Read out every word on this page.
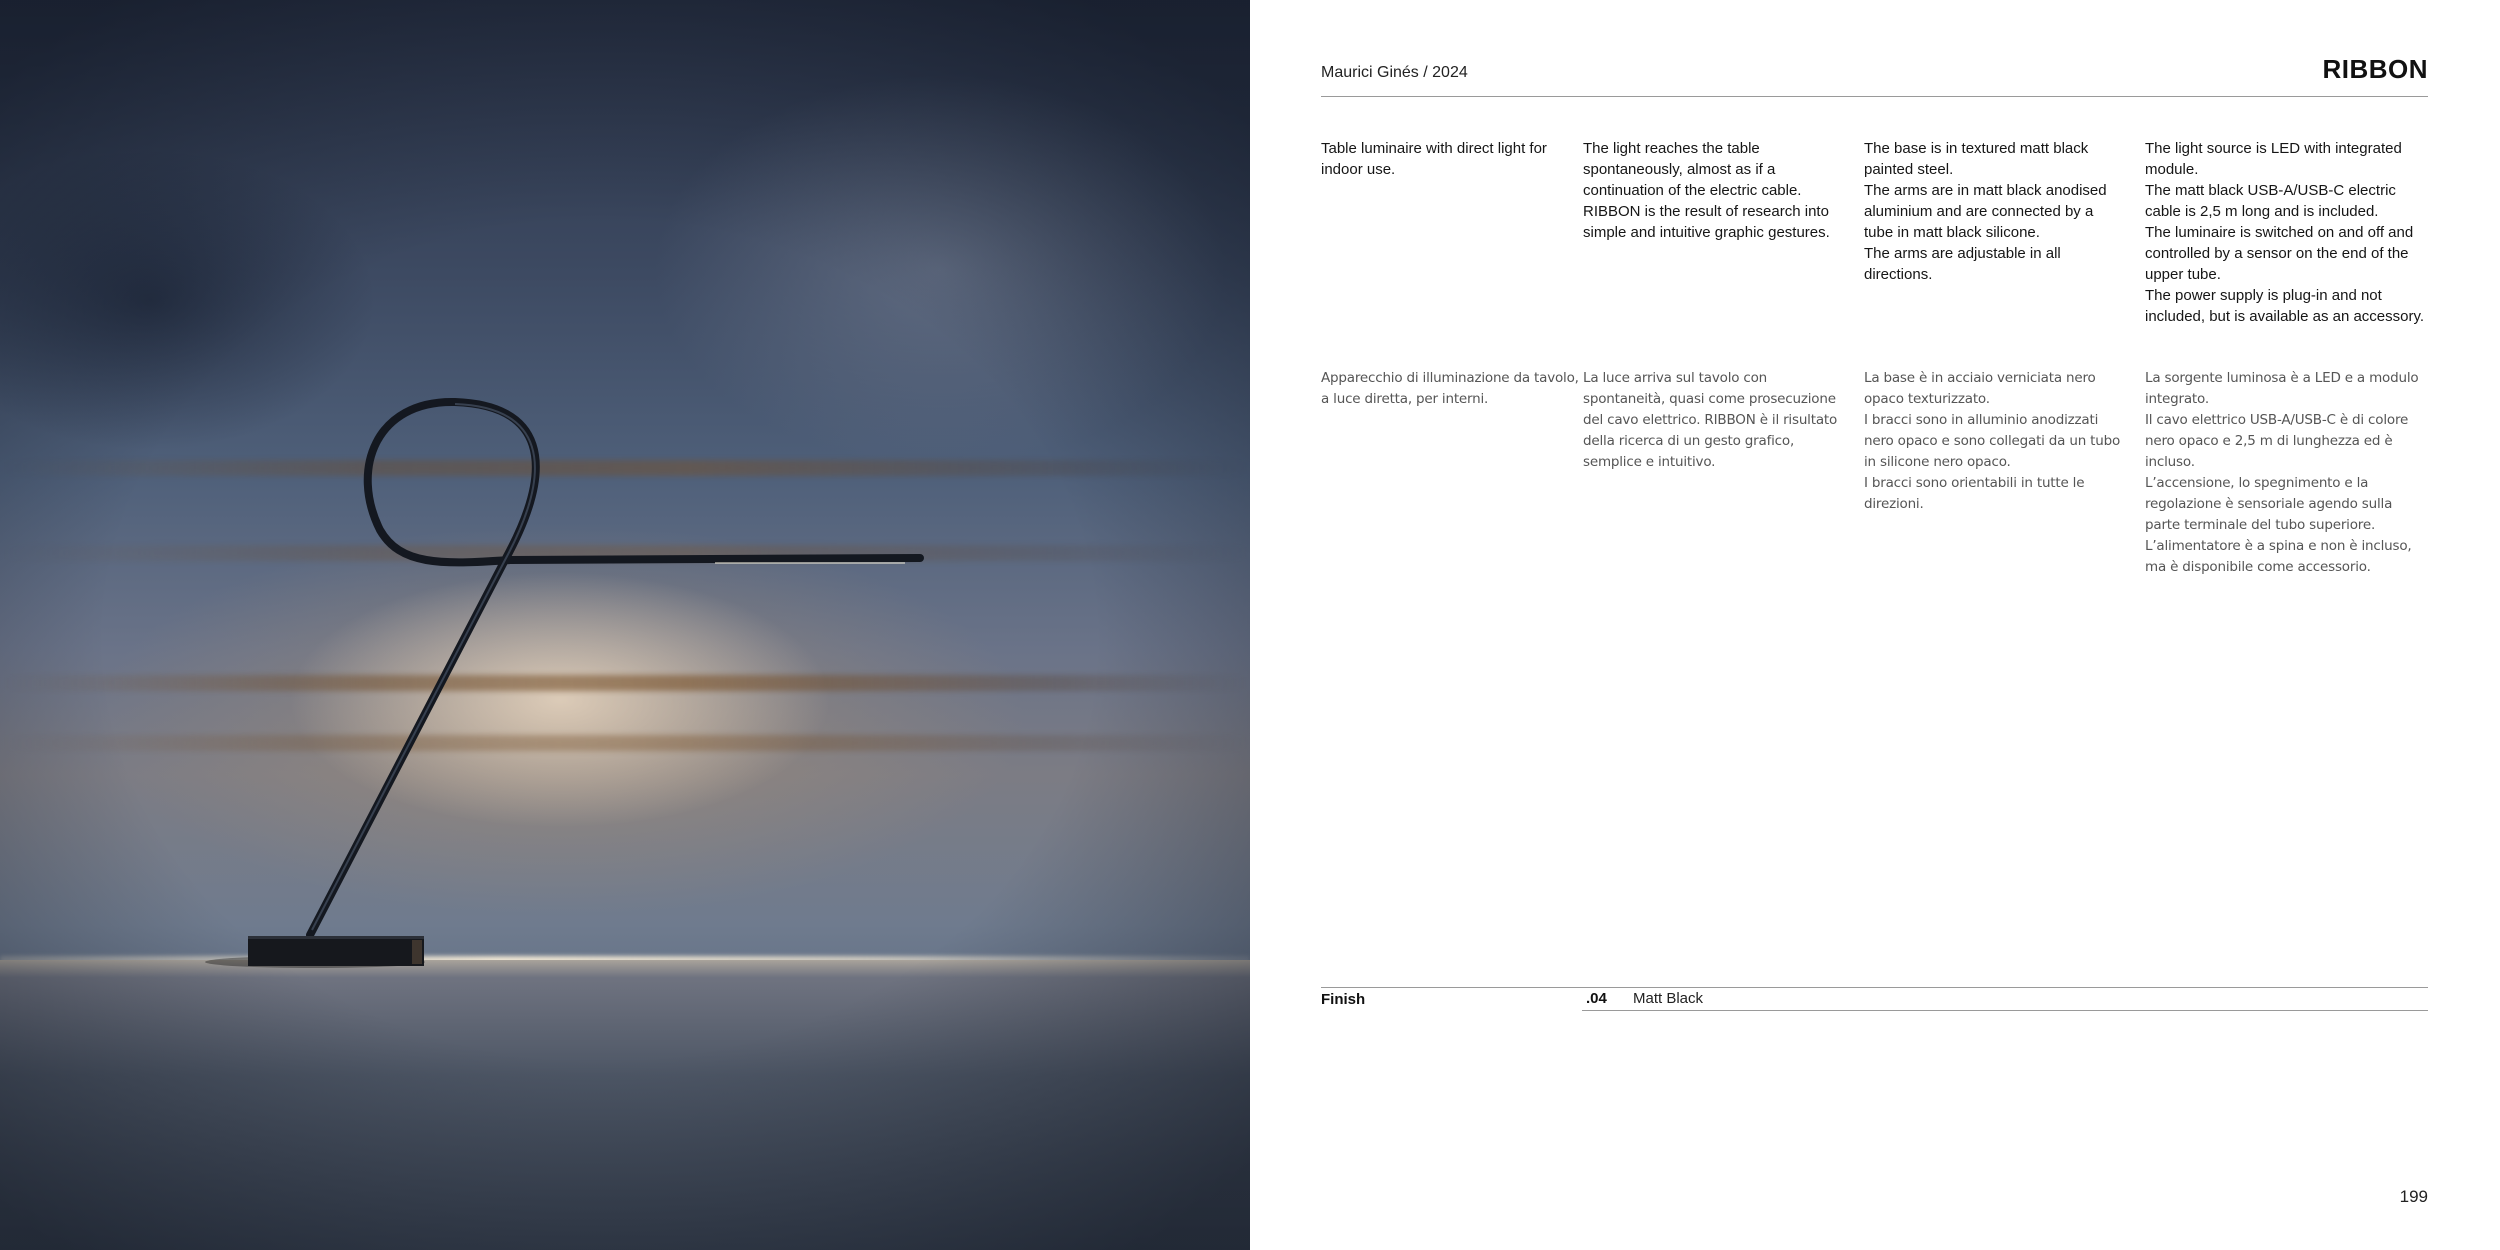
Maurici Ginés / 2024	RIBBON

Table luminaire with direct light for indoor use.

The light reaches the table spontaneously, almost as if a continuation of the electric cable. RIBBON is the result of research into simple and intuitive graphic gestures.

The base is in textured matt black painted steel.

The arms are in matt black anodised aluminium and are connected by a tube in matt black silicone.

The arms are adjustable in all directions.

The light source is LED with integrated module.

The matt black USB-A/USB-C electric cable is 2,5 m long and is included.

The luminaire is switched on and off and controlled by a sensor on the end of the upper tube.

The power supply is plug-in and not included, but is available as an accessory.

Apparecchio di illuminazione da tavolo, a luce diretta, per interni.

La luce arriva sul tavolo con spontaneità, quasi come prosecuzione del cavo elettrico. RIBBON è il risultato della ricerca di un gesto grafico, semplice e intuitivo.

La base è in acciaio verniciata nero opaco texturizzato.

I bracci sono in alluminio anodizzati nero opaco e sono collegati da un tubo in silicone nero opaco.

I bracci sono orientabili in tutte le direzioni.

La sorgente luminosa è a LED e a modulo integrato.

Il cavo elettrico USB-A/USB-C è di colore nero opaco e 2,5 m di lunghezza ed è incluso.

L’accensione, lo spegnimento e la regolazione è sensoriale agendo sulla parte terminale del tubo superiore.

L’alimentatore è a spina e non è incluso, ma è disponibile come accessorio.

Finish	.04 Matt Black
199
